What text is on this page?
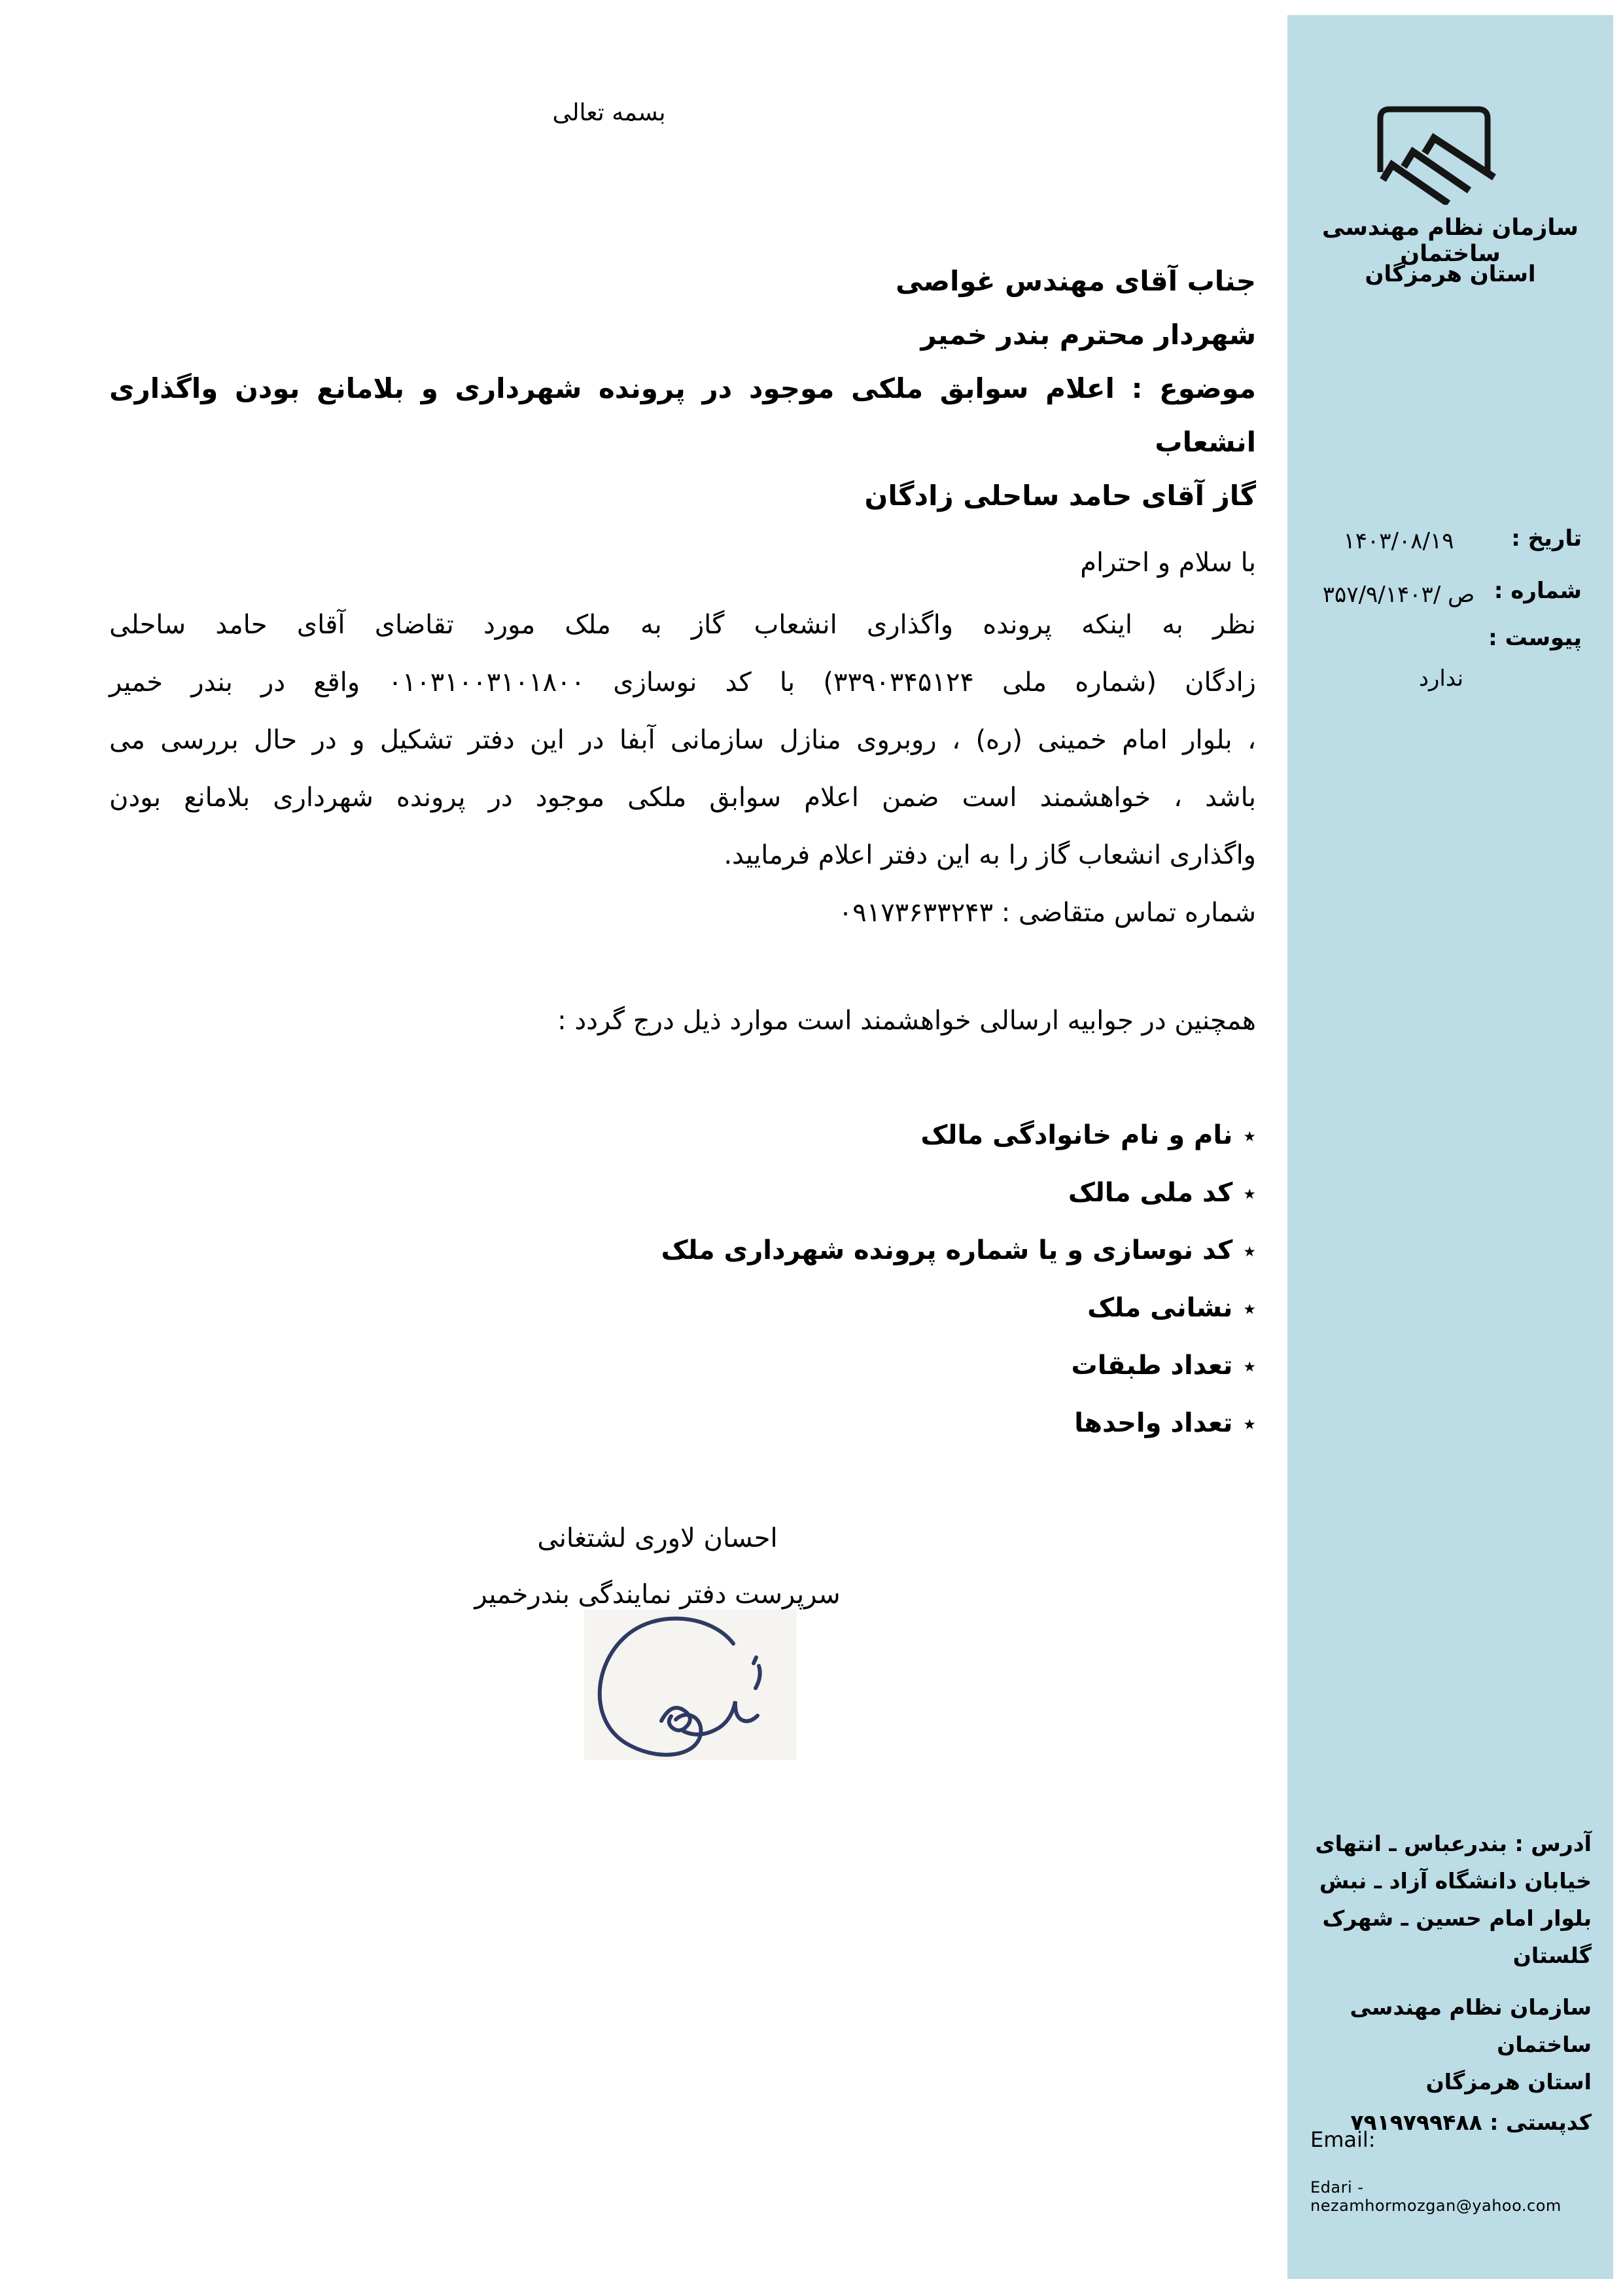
بسمه تعالی
جناب آقای مهندس غواصی
شهردار محترم بندر خمیر
موضوع : اعلام سوابق ملکی موجود در پرونده شهرداری و بلامانع بودن واگذاری انشعاب
گاز آقای حامد ساحلی زادگان
با سلام و احترام
نظر به اینکه پرونده واگذاری انشعاب گاز به ملک مورد تقاضای آقای حامد ساحلی
زادگان (شماره ملی ۳۳۹۰۳۴۵۱۲۴) با کد نوسازی ۰۱۰۳۱۰۰۳۱۰۱۸۰۰ واقع در بندر خمیر
، بلوار امام خمینی (ره) ، روبروی منازل سازمانی آبفا در این دفتر تشکیل و در حال بررسی می
باشد ، خواهشمند است ضمن اعلام سوابق ملکی موجود در پرونده شهرداری بلامانع بودن
واگذاری انشعاب گاز را به این دفتر اعلام فرمایید.
شماره تماس متقاضی : ۰۹۱۷۳۶۳۳۲۴۳
همچنین در جوابیه ارسالی خواهشمند است موارد ذیل درج گردد :
٭نام و نام خانوادگی مالک
٭کد ملی مالک
٭کد نوسازی و یا شماره پرونده شهرداری ملک
٭نشانی ملک
٭تعداد طبقات
٭تعداد واحدها
احسان لاوری لشتغانی
سرپرست دفتر نمایندگی بندرخمیر
سازمان نظام مهندسی ساختمان
استان هرمزگان
تاریخ :
۱۴۰۳/۰۸/۱۹
شماره :
ص /۳۵۷/۹/۱۴۰۳
پیوست :
ندارد
آدرس : بندرعباس ـ انتهای
خیابان دانشگاه آزاد ـ نبش
بلوار امام حسین ـ شهرک
گلستان
سازمان نظام مهندسی ساختمان
استان هرمزگان
کدپستی : ۷۹۱۹۷۹۹۴۸۸
Email:
Edari - nezamhormozgan@yahoo.com
